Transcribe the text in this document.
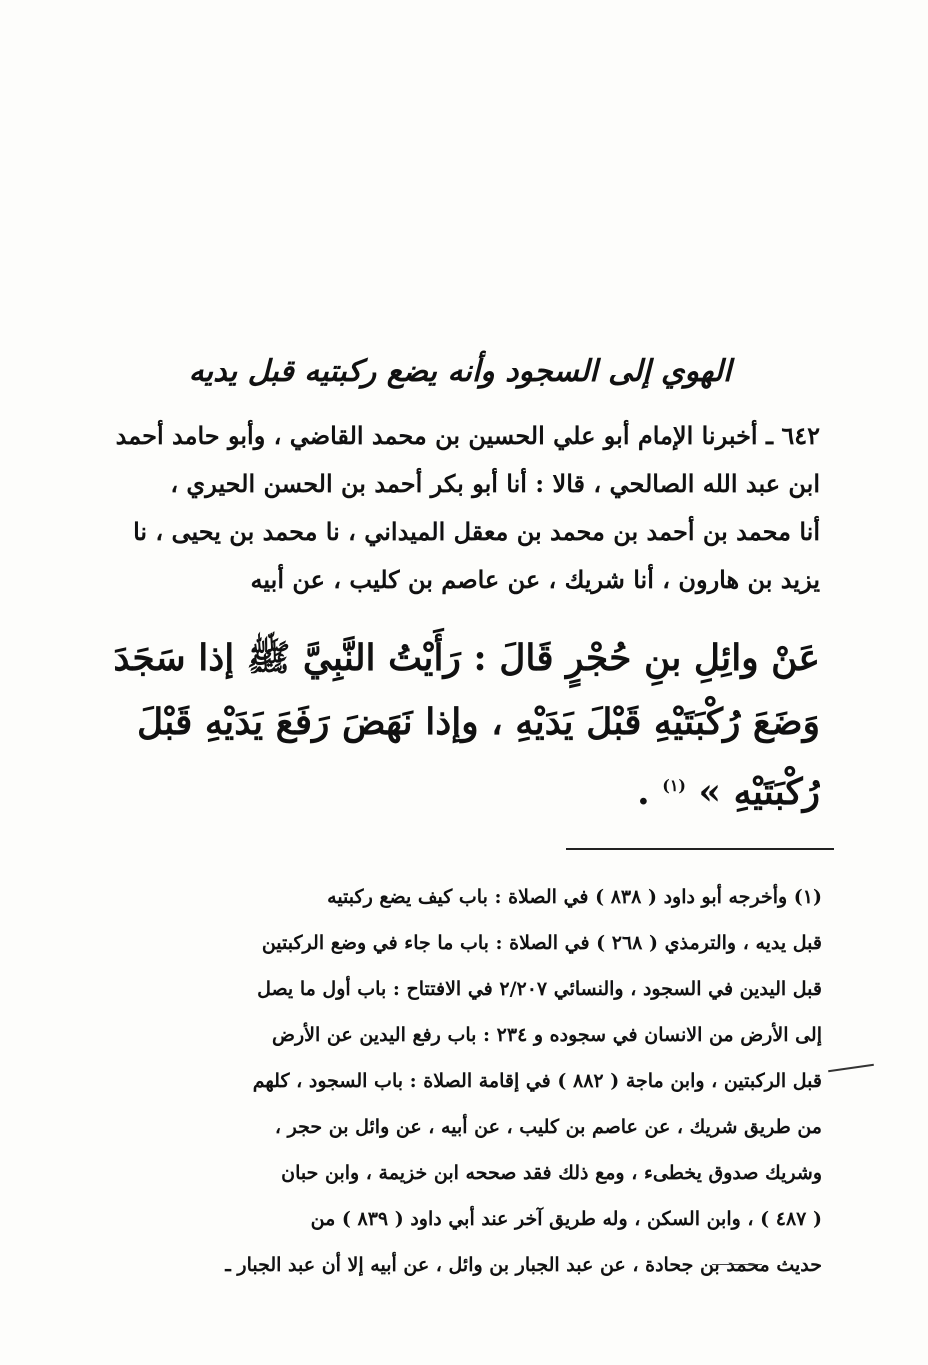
الهوي إلى السجود وأنه يضع ركبتيه قبل يديه
٦٤٢ ـ أخبرنا الإمام أبو علي الحسين بن محمد القاضي ، وأبو حامد أحمد
ابن عبد الله الصالحي ، قالا : أنا أبو بكر أحمد بن الحسن الحيري ،
أنا محمد بن أحمد بن محمد بن معقل الميداني ، نا محمد بن يحيى ، نا
يزيد بن هارون ، أنا شريك ، عن عاصم بن كليب ، عن أبيه
عَنْ وائِلِ بنِ حُجْرٍ قَالَ : رَأَيْتُ النَّبِيَّ ﷺ إذا سَجَدَ
وَضَعَ رُكْبَتَيْهِ قَبْلَ يَدَيْهِ ، وإذا نَهَضَ رَفَعَ يَدَيْهِ قَبْلَ
رُكْبَتَيْهِ » $^{(١)}$ .
(١) وأخرجه أبو داود ( ٨٣٨ ) في الصلاة : باب كيف يضع ركبتيه
قبل يديه ، والترمذي ( ٢٦٨ ) في الصلاة : باب ما جاء في وضع الركبتين
قبل اليدين في السجود ، والنسائي ٢/٢٠٧ في الافتتاح : باب أول ما يصل
إلى الأرض من الانسان في سجوده و ٢٣٤ : باب رفع اليدين عن الأرض
قبل الركبتين ، وابن ماجة ( ٨٨٢ ) في إقامة الصلاة : باب السجود ، كلهم
من طريق شريك ، عن عاصم بن كليب ، عن أبيه ، عن وائل بن حجر ،
وشريك صدوق يخطىء ، ومع ذلك فقد صححه ابن خزيمة ، وابن حبان
( ٤٨٧ ) ، وابن السكن ، وله طريق آخر عند أبي داود ( ٨٣٩ ) من
حديث محمد بن جحادة ، عن عبد الجبار بن وائل ، عن أبيه إلا أن عبد الجبار ـ
